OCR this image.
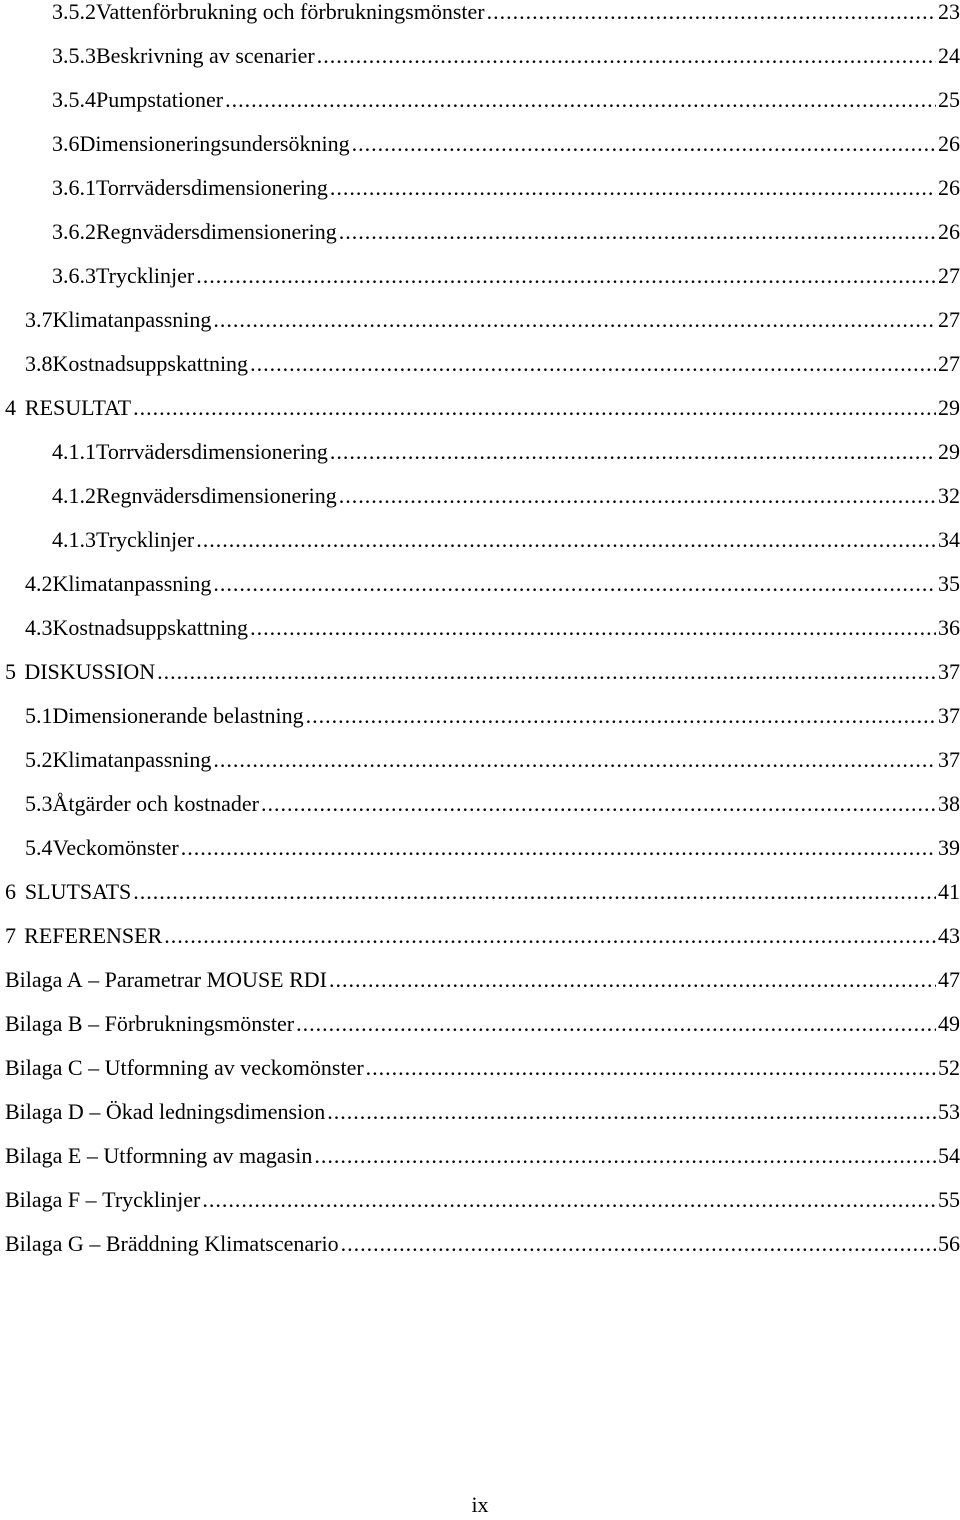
3.5.2 Vattenförbrukning och förbrukningsmönster .....	23
3.5.3 Beskrivning av scenarier .....	24
3.5.4 Pumpstationer .....	25
3.6 Dimensioneringsundersökning .....	26
3.6.1 Torrvädersdimensionering .....	26
3.6.2 Regnvädersdimensionering .....	26
3.6.3 Trycklinjer .....	27
3.7 Klimatanpassning .....	27
3.8 Kostnadsuppskattning .....	27
4 RESULTAT .....	29
4.1.1 Torrvädersdimensionering .....	29
4.1.2 Regnvädersdimensionering .....	32
4.1.3 Trycklinjer .....	34
4.2 Klimatanpassning .....	35
4.3 Kostnadsuppskattning .....	36
5 DISKUSSION .....	37
5.1 Dimensionerande belastning .....	37
5.2 Klimatanpassning .....	37
5.3 Åtgärder och kostnader .....	38
5.4 Veckomönster .....	39
6 SLUTSATS .....	41
7 REFERENSER .....	43
Bilaga A – Parametrar MOUSE RDI .....	47
Bilaga B – Förbrukningsmönster .....	49
Bilaga C – Utformning av veckomönster .....	52
Bilaga D – Ökad ledningsdimension .....	53
Bilaga E – Utformning av magasin .....	54
Bilaga F – Trycklinjer .....	55
Bilaga G – Bräddning Klimatscenario .....	56
ix
